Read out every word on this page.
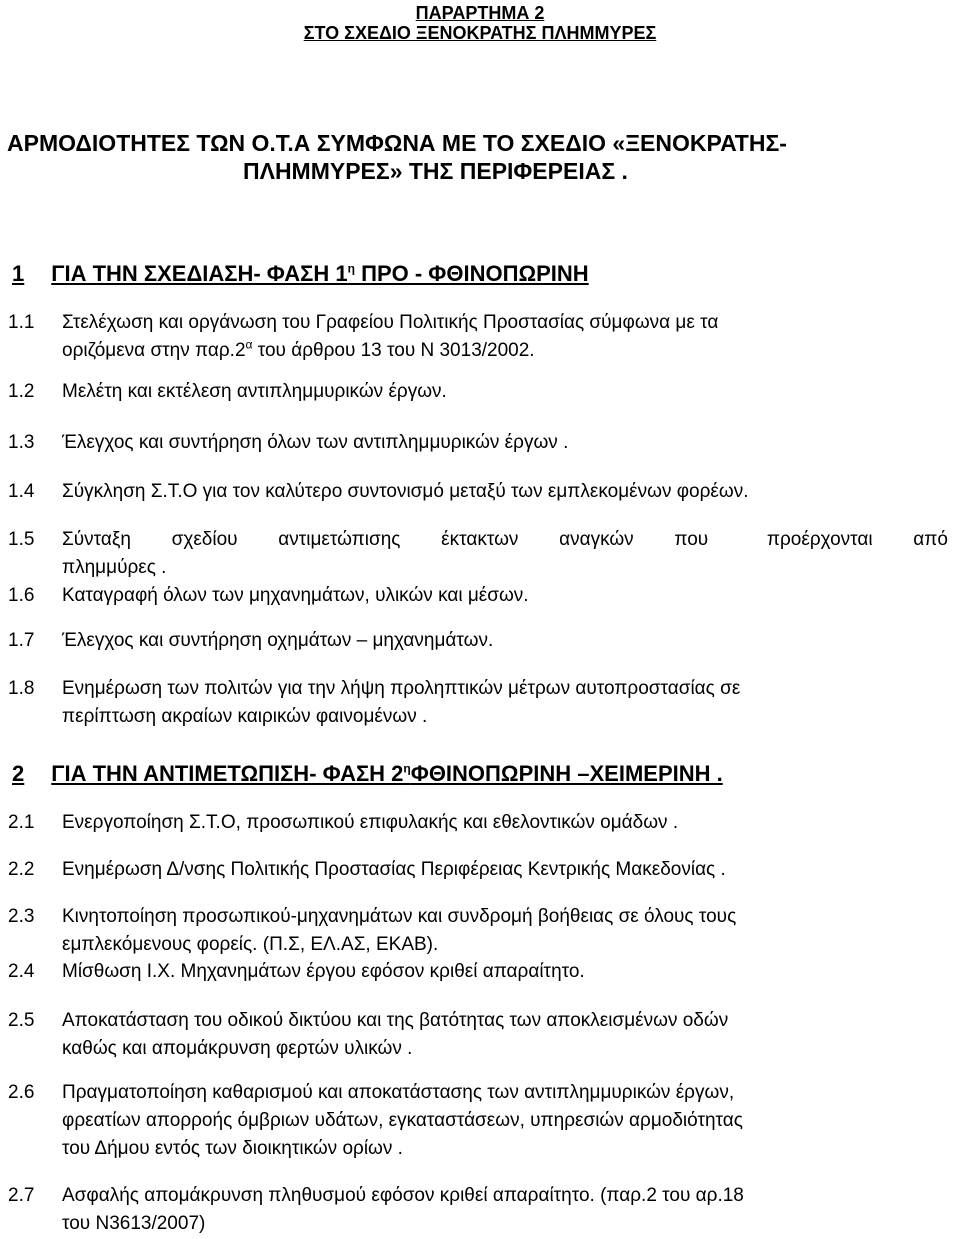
ΠΑΡΑΡΤΗΜΑ 2
ΣΤΟ ΣΧΕΔΙΟ ΞΕΝΟΚΡΑΤΗΣ ΠΛΗΜΜΥΡΕΣ
ΑΡΜΟΔΙΟΤΗΤΕΣ ΤΩΝ Ο.Τ.Α ΣΥΜΦΩΝΑ ΜΕ ΤΟ ΣΧΕΔΙΟ «ΞΕΝΟΚΡΑΤΗΣ-
ΠΛΗΜΜΥΡΕΣ» ΤΗΣ ΠΕΡΙΦΕΡΕΙΑΣ .
1 ΓΙΑ ΤΗΝ ΣΧΕΔΙΑΣΗ- ΦΑΣΗ $1^\eta$ ΠΡΟ - ΦΘΙΝΟΠΩΡΙΝΗ
1.1 Στελέχωση και οργάνωση του Γραφείου Πολιτικής Προστασίας σύμφωνα με τα
οριζόμενα στην $\pi\alpha\rho.2^\alpha$ του άρθρου 13 του Ν 3013/2002.
1.2 Μελέτη και εκτέλεση αντιπλημμυρικών έργων.
1.3 Έλεγχος και συντήρηση όλων των αντιπλημμυρικών έργων .
1.4 Σύγκληση Σ.Τ.Ο για τον καλύτερο συντονισμό μεταξύ των εμπλεκομένων φορέων.
1.5 Σύνταξη σχεδίου αντιμετώπισης έκτακτων αναγκών που	προέρχονται από
πλημμύρες .
1.6 Καταγραφή όλων των μηχανημάτων, υλικών και μέσων.
1.7 Έλεγχος και συντήρηση οχημάτων – μηχανημάτων.
1.8 Ενημέρωση των πολιτών για την λήψη προληπτικών μέτρων αυτοπροστασίας σε
περίπτωση ακραίων καιρικών φαινομένων .
2 ΓΙΑ ΤΗΝ ΑΝΤΙΜΕΤΩΠΙΣΗ- ΦΑΣΗ $2^\eta\Phi\Theta INO\Pi\Omega PINH$ –ΧΕΙΜΕΡΙΝΗ .
2.1 Ενεργοποίηση Σ.Τ.Ο, προσωπικού επιφυλακής και εθελοντικών ομάδων .
2.2 Ενημέρωση Δ/νσης Πολιτικής Προστασίας Περιφέρειας Κεντρικής Μακεδονίας .
2.3 Κινητοποίηση προσωπικού-μηχανημάτων και συνδρομή βοήθειας σε όλους τους
εμπλεκόμενους φορείς. (Π.Σ, ΕΛ.ΑΣ, ΕΚΑΒ).
2.4 Μίσθωση Ι.Χ. Μηχανημάτων έργου εφόσον κριθεί απαραίτητο.
2.5 Αποκατάσταση του οδικού δικτύου και της βατότητας των αποκλεισμένων οδών
καθώς και απομάκρυνση φερτών υλικών .
2.6 Πραγματοποίηση καθαρισμού και αποκατάστασης των αντιπλημμυρικών έργων,
φρεατίων απορροής όμβριων υδάτων, εγκαταστάσεων, υπηρεσιών αρμοδιότητας
του Δήμου εντός των διοικητικών ορίων .
2.7 Ασφαλής απομάκρυνση πληθυσμού εφόσον κριθεί απαραίτητο. (παρ.2 του αρ.18
του Ν3613/2007)
